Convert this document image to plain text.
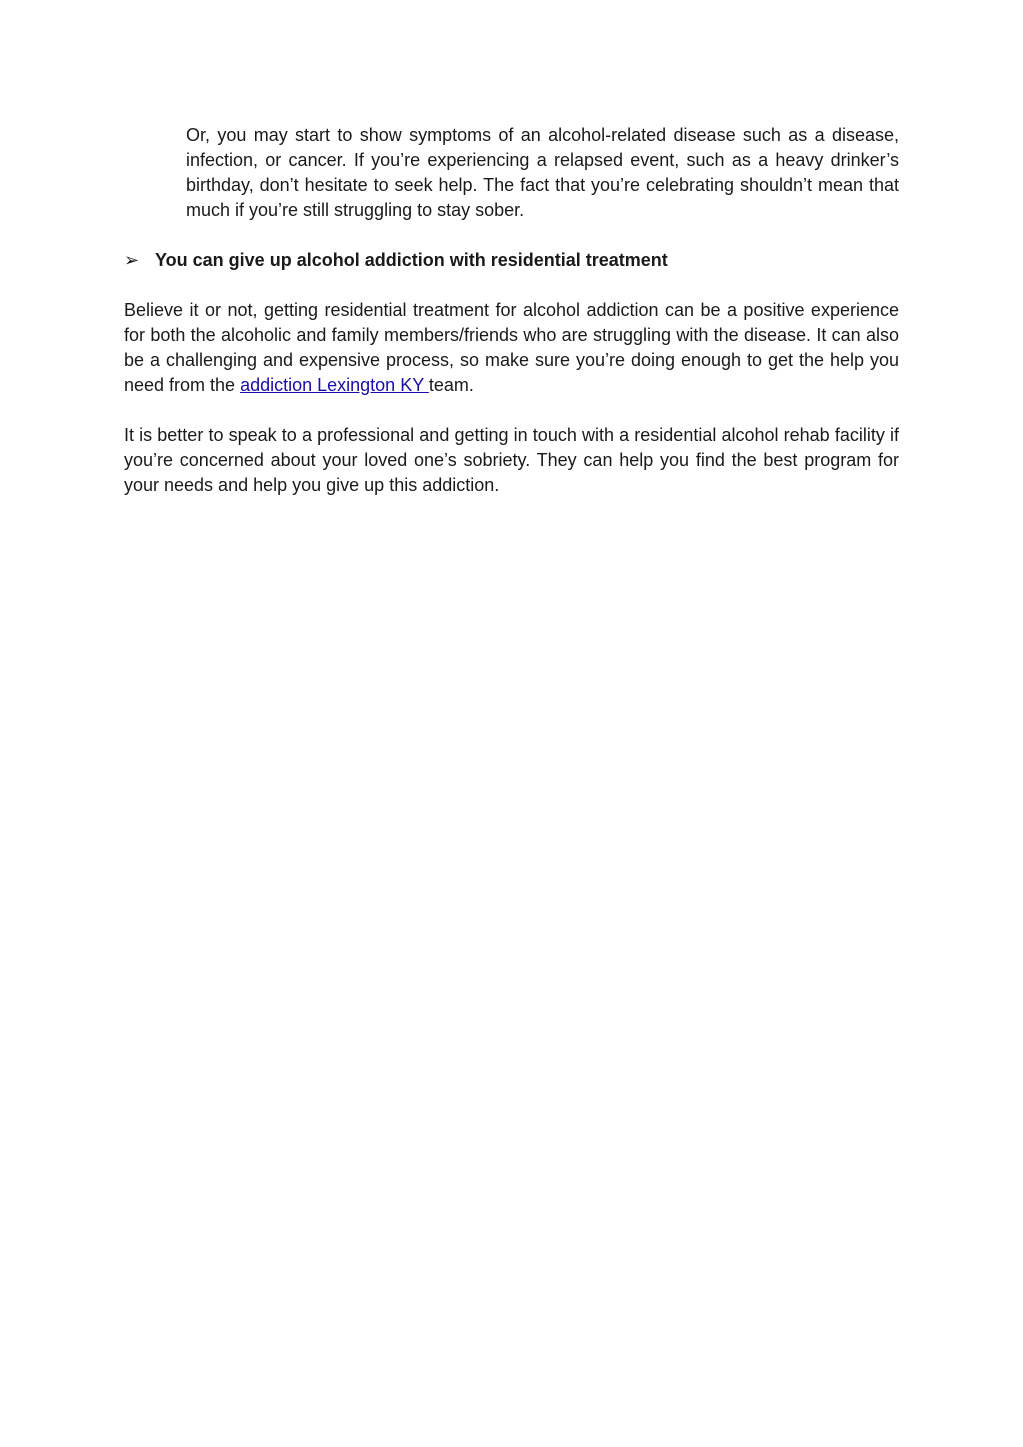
Or, you may start to show symptoms of an alcohol-related disease such as a disease, infection, or cancer. If you’re experiencing a relapsed event, such as a heavy drinker’s birthday, don’t hesitate to seek help. The fact that you’re celebrating shouldn’t mean that much if you’re still struggling to stay sober.

➢ You can give up alcohol addiction with residential treatment

Believe it or not, getting residential treatment for alcohol addiction can be a positive experience for both the alcoholic and family members/friends who are struggling with the disease. It can also be a challenging and expensive process, so make sure you’re doing enough to get the help you need from the addiction Lexington KY team.

It is better to speak to a professional and getting in touch with a residential alcohol rehab facility if you’re concerned about your loved one’s sobriety. They can help you find the best program for your needs and help you give up this addiction.
